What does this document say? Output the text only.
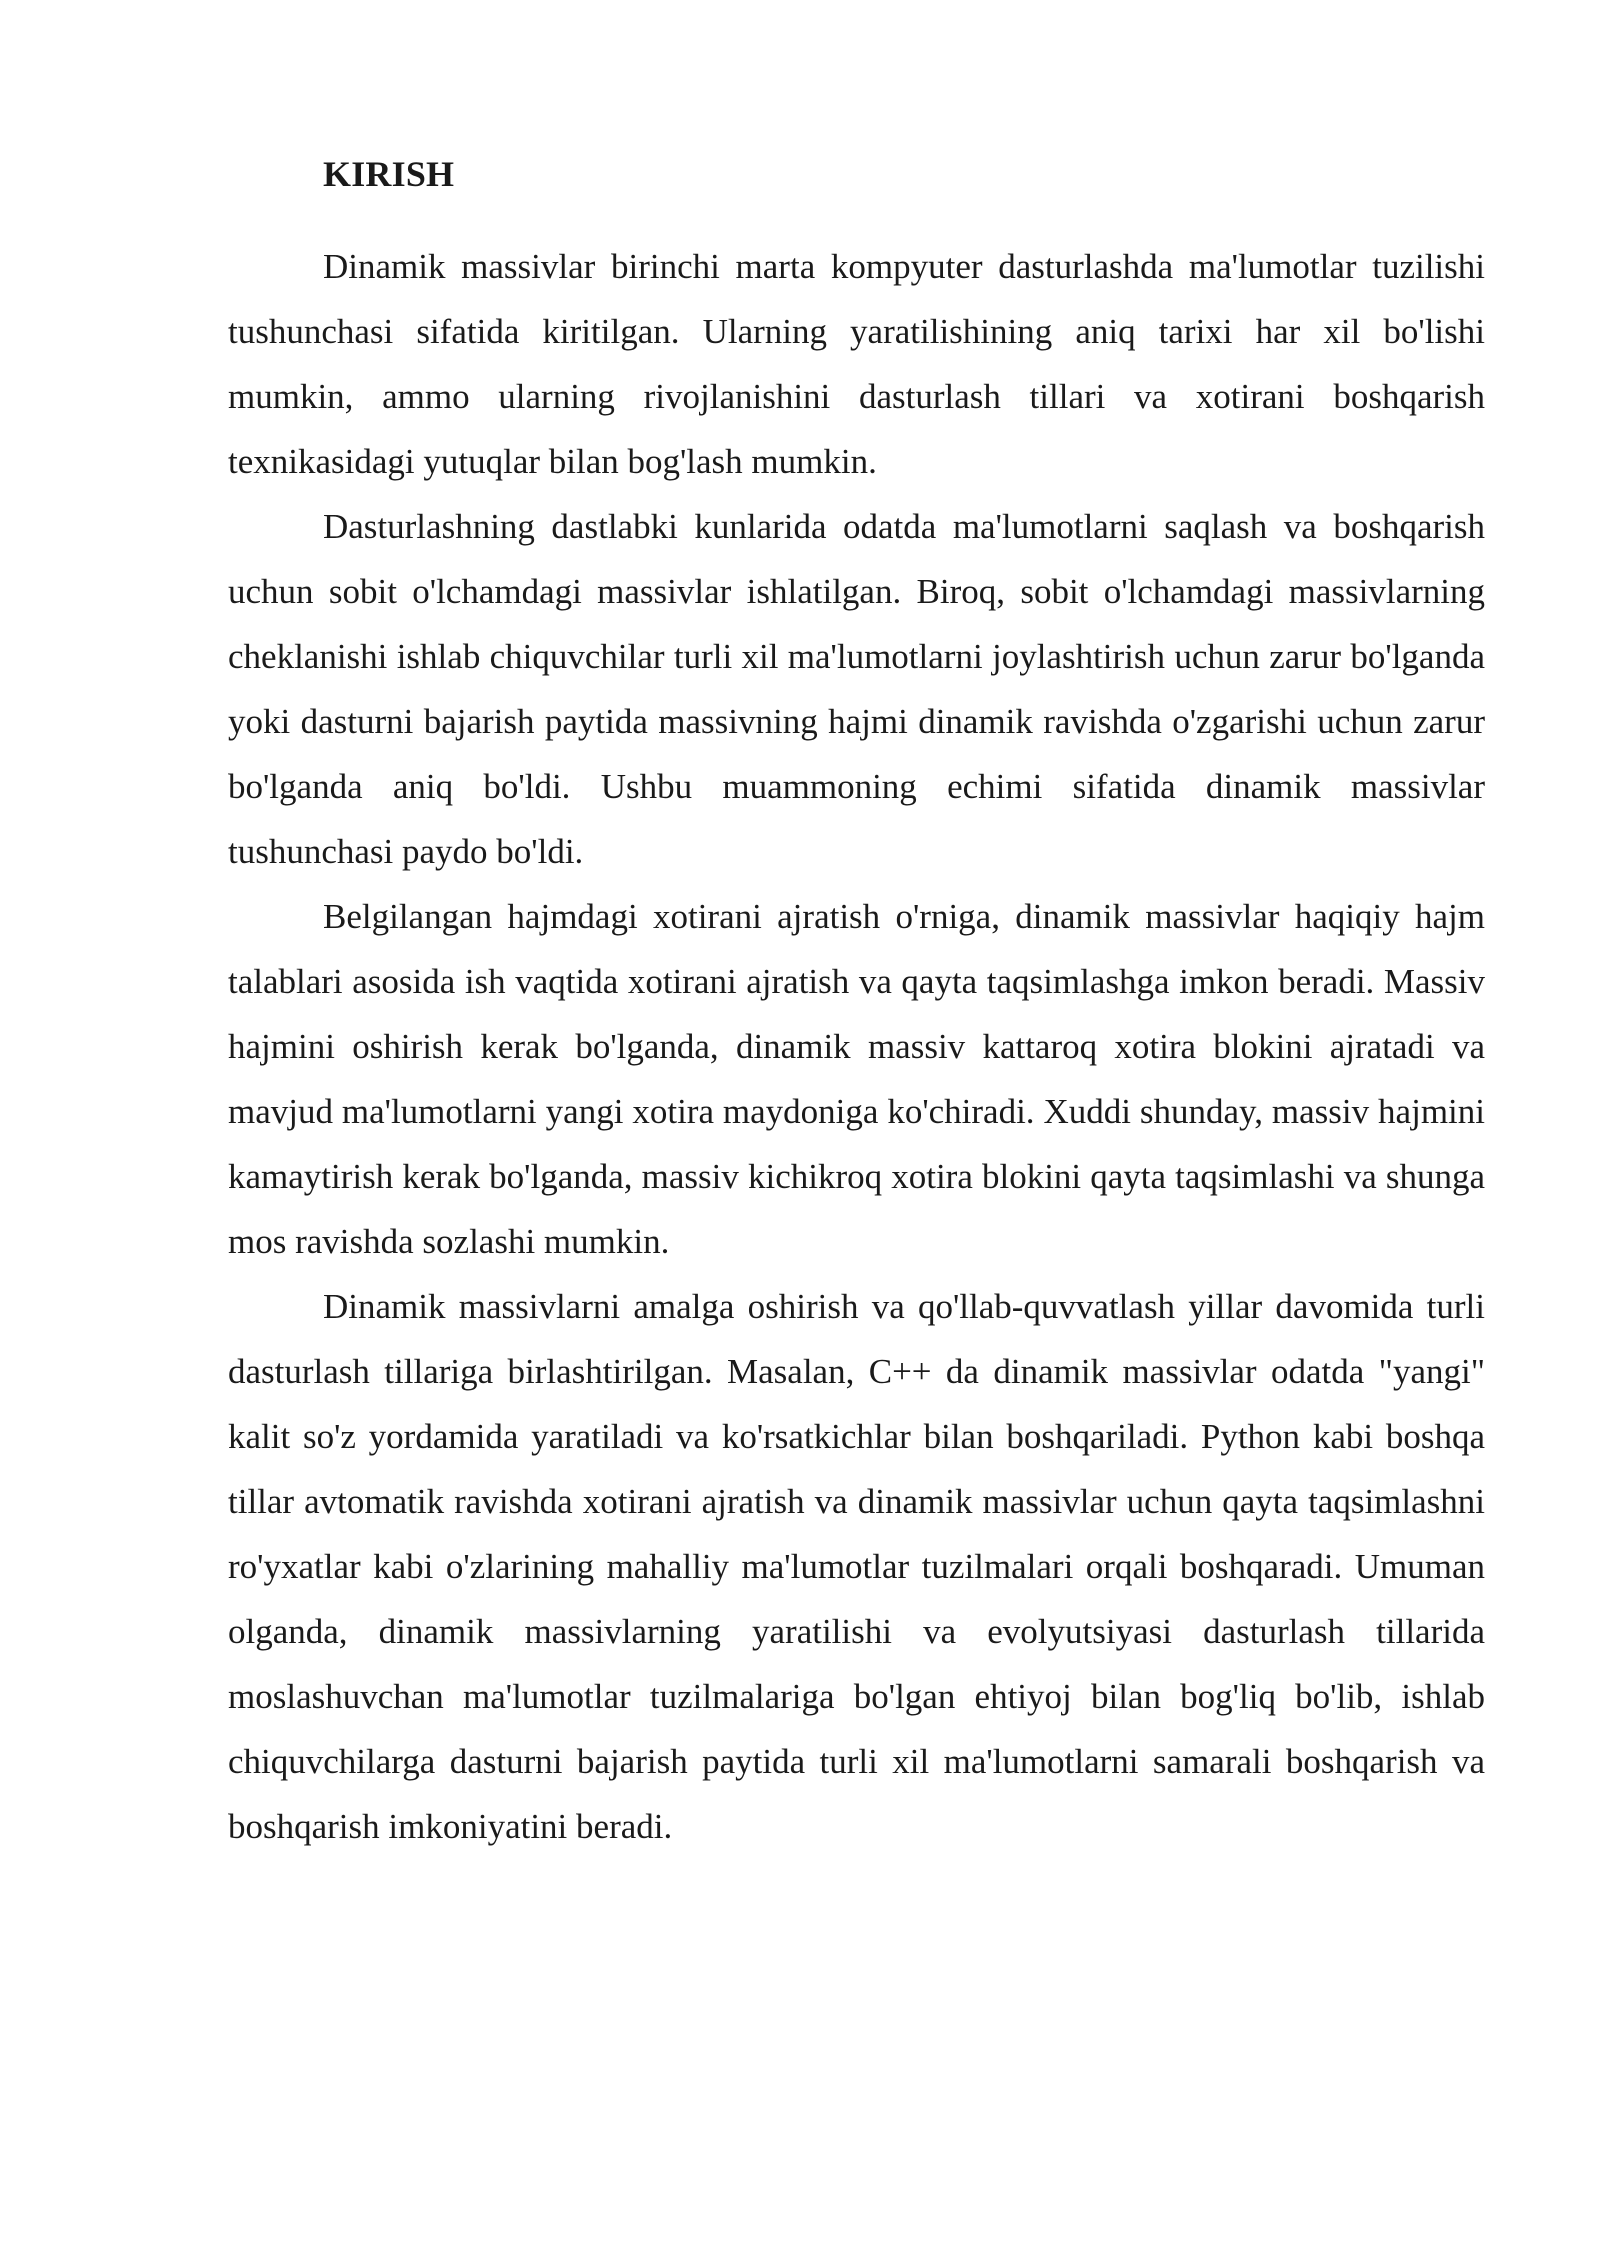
KIRISH

Dinamik massivlar birinchi marta kompyuter dasturlashda ma'lumotlar tuzilishi tushunchasi sifatida kiritilgan. Ularning yaratilishining aniq tarixi har xil bo'lishi mumkin, ammo ularning rivojlanishini dasturlash tillari va xotirani boshqarish texnikasidagi yutuqlar bilan bog'lash mumkin.

Dasturlashning dastlabki kunlarida odatda ma'lumotlarni saqlash va boshqarish uchun sobit o'lchamdagi massivlar ishlatilgan. Biroq, sobit o'lchamdagi massivlarning cheklanishi ishlab chiquvchilar turli xil ma'lumotlarni joylashtirish uchun zarur bo'lganda yoki dasturni bajarish paytida massivning hajmi dinamik ravishda o'zgarishi uchun zarur bo'lganda aniq bo'ldi. Ushbu muammoning echimi sifatida dinamik massivlar tushunchasi paydo bo'ldi.

Belgilangan hajmdagi xotirani ajratish o'rniga, dinamik massivlar haqiqiy hajm talablari asosida ish vaqtida xotirani ajratish va qayta taqsimlashga imkon beradi. Massiv hajmini oshirish kerak bo'lganda, dinamik massiv kattaroq xotira blokini ajratadi va mavjud ma'lumotlarni yangi xotira maydoniga ko'chiradi. Xuddi shunday, massiv hajmini kamaytirish kerak bo'lganda, massiv kichikroq xotira blokini qayta taqsimlashi va shunga mos ravishda sozlashi mumkin.

Dinamik massivlarni amalga oshirish va qo'llab-quvvatlash yillar davomida turli dasturlash tillariga birlashtirilgan. Masalan, C++ da dinamik massivlar odatda "yangi" kalit so'z yordamida yaratiladi va ko'rsatkichlar bilan boshqariladi. Python kabi boshqa tillar avtomatik ravishda xotirani ajratish va dinamik massivlar uchun qayta taqsimlashni ro'yxatlar kabi o'zlarining mahalliy ma'lumotlar tuzilmalari orqali boshqaradi. Umuman olganda, dinamik massivlarning yaratilishi va evolyutsiyasi dasturlash tillarida moslashuvchan ma'lumotlar tuzilmalariga bo'lgan ehtiyoj bilan bog'liq bo'lib, ishlab chiquvchilarga dasturni bajarish paytida turli xil ma'lumotlarni samarali boshqarish va boshqarish imkoniyatini beradi.
